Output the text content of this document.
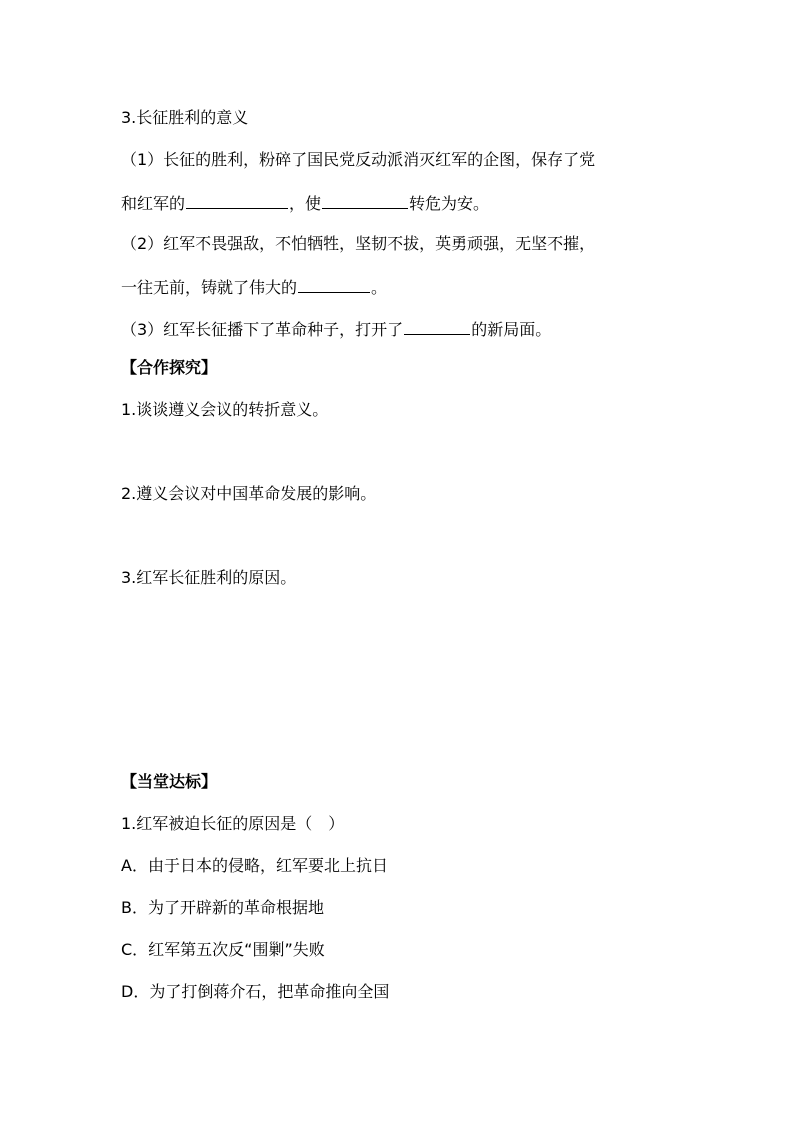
3.长征胜利的意义
（1）长征的胜利，粉碎了国民党反动派消灭红军的企图，保存了党
和红军的	，使	转危为安。
（2）红军不畏强敌，不怕牺牲，坚韧不拔，英勇顽强，无坚不摧，
一往无前，铸就了伟大的	。
（3）红军长征播下了革命种子，打开了	的新局面。
【合作探究】
1.谈谈遵义会议的转折意义。
2.遵义会议对中国革命发展的影响。
3.红军长征胜利的原因。
【当堂达标】
1.红军被迫长征的原因是（　）
A．由于日本的侵略，红军要北上抗日
B．为了开辟新的革命根据地
C．红军第五次反“围剿”失败
D．为了打倒蒋介石，把革命推向全国
